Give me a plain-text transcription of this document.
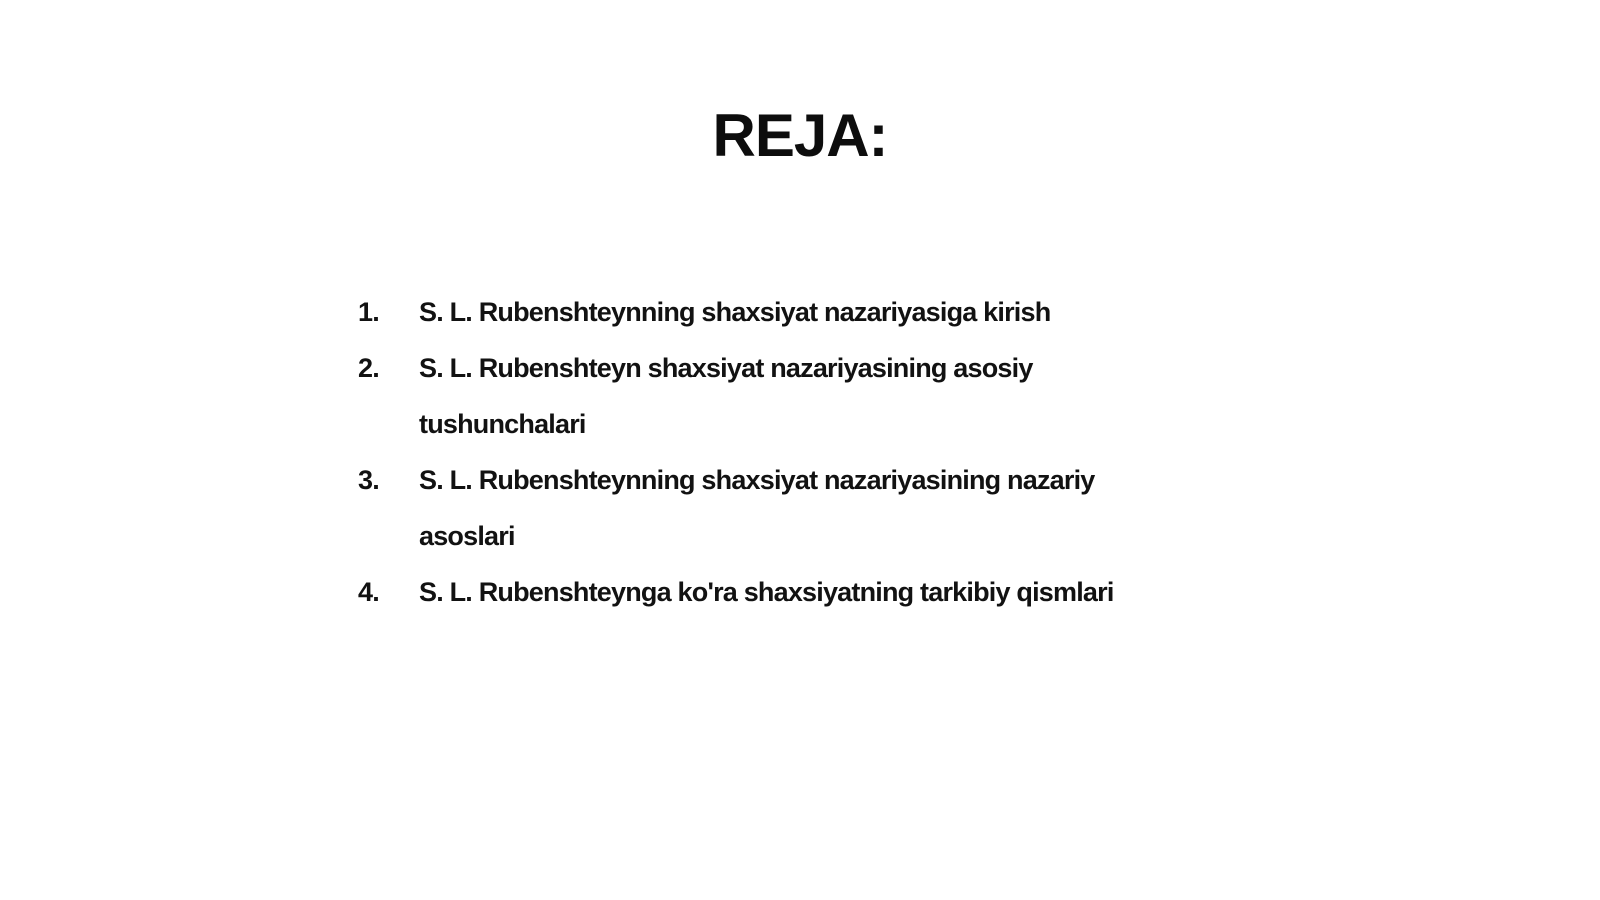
REJA:
1.	S. L. Rubenshteynning shaxsiyat nazariyasiga kirish
2.	S. L. Rubenshteyn shaxsiyat nazariyasining asosiy
tushunchalari
3.	S. L. Rubenshteynning shaxsiyat nazariyasining nazariy
asoslari
4.	S. L. Rubenshteynga ko'ra shaxsiyatning tarkibiy qismlari
